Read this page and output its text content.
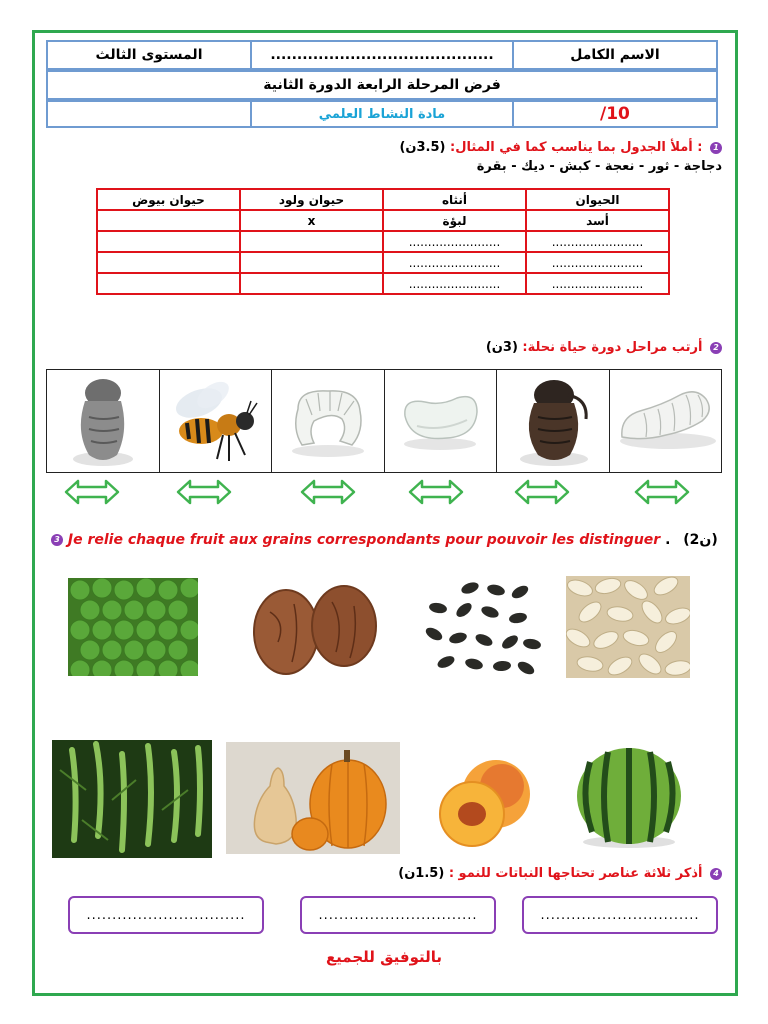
المستوى الثالث	..........................................	الاسم الكامل
فرض المرحلة الرابعة الدورة الثانية
مادة النشاط العلمي	/10
1 : أملأ الجدول بما يناسب كما في المثال: (3.5ن)
دجاجة - ثور - نعجة - كبش - ديك - بقرة
الحيوان	أنثاه	حيوان ولود	حيوان بيوض
أسد	لبؤة	x	
........................	........................		
........................	........................		
........................	........................		
2 أرتب مراحل دورة حياة نحلة: (3ن)
3 Je relie chaque fruit aux grains correspondants pour pouvoir les distinguer . (2ن)
4 أذكر ثلاثة عناصر تحتاجها النباتات للنمو : (1.5ن)
...............................	...............................	...............................
بالتوفيق للجميع
